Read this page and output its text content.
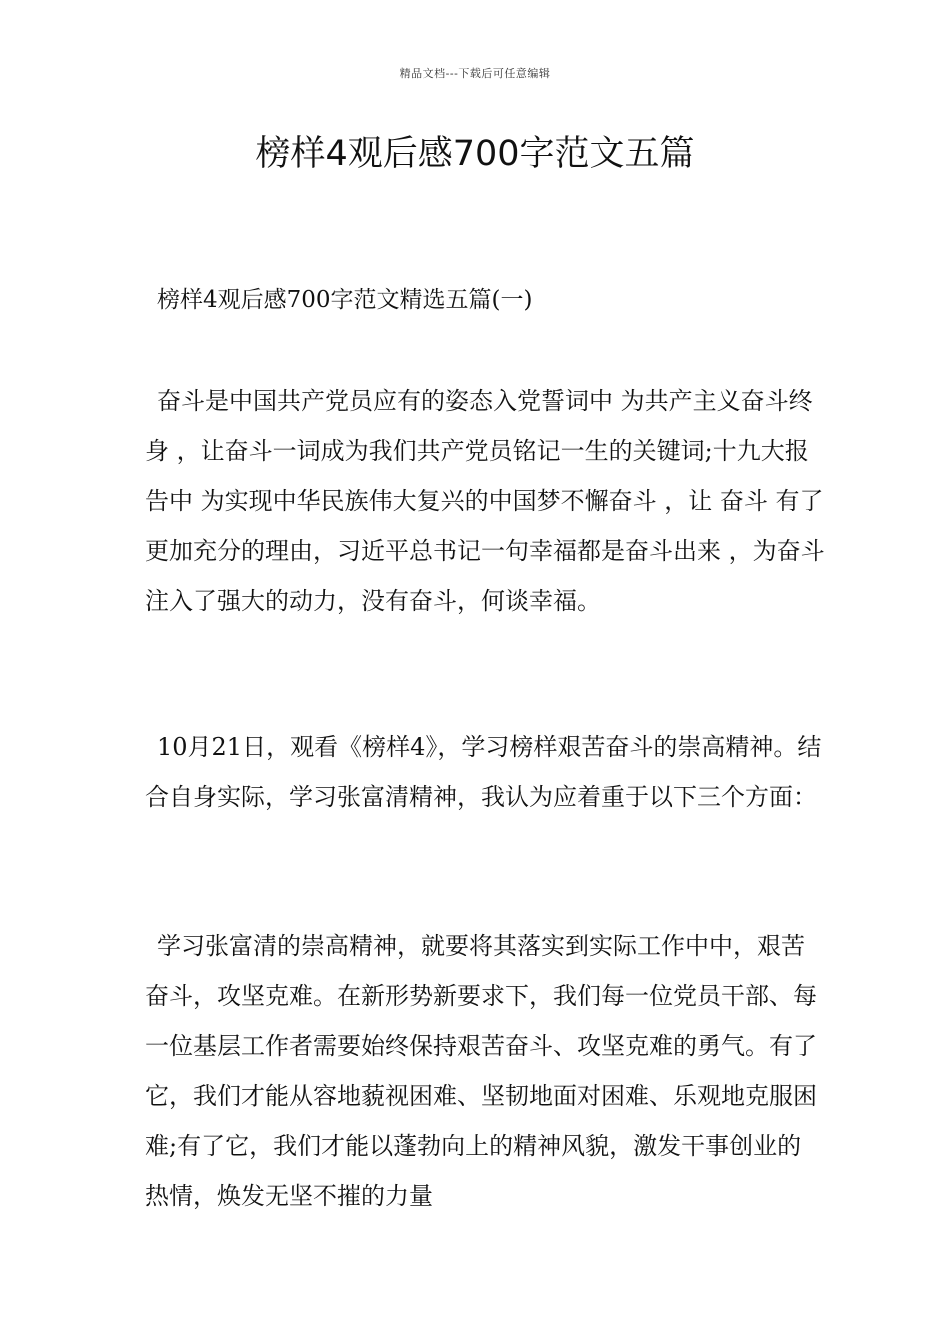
精品文档---下载后可任意编辑
榜样4观后感700字范文五篇
榜样4观后感700字范文精选五篇(一)

奋斗是中国共产党员应有的姿态入党誓词中 为共产主义奋斗终身 ，让奋斗一词成为我们共产党员铭记一生的关键词;十九大报告中 为实现中华民族伟大复兴的中国梦不懈奋斗 ，让 奋斗 有了更加充分的理由，习近平总书记一句幸福都是奋斗出来 ，为奋斗注入了强大的动力，没有奋斗，何谈幸福。

10月21日，观看《榜样4》，学习榜样艰苦奋斗的崇高精神。结合自身实际，学习张富清精神，我认为应着重于以下三个方面：

学习张富清的崇高精神，就要将其落实到实际工作中中，艰苦奋斗，攻坚克难。在新形势新要求下，我们每一位党员干部、每一位基层工作者需要始终保持艰苦奋斗、攻坚克难的勇气。有了它，我们才能从容地藐视困难、坚韧地面对困难、乐观地克服困难;有了它，我们才能以蓬勃向上的精神风貌，激发干事创业的热情，焕发无坚不摧的力量
